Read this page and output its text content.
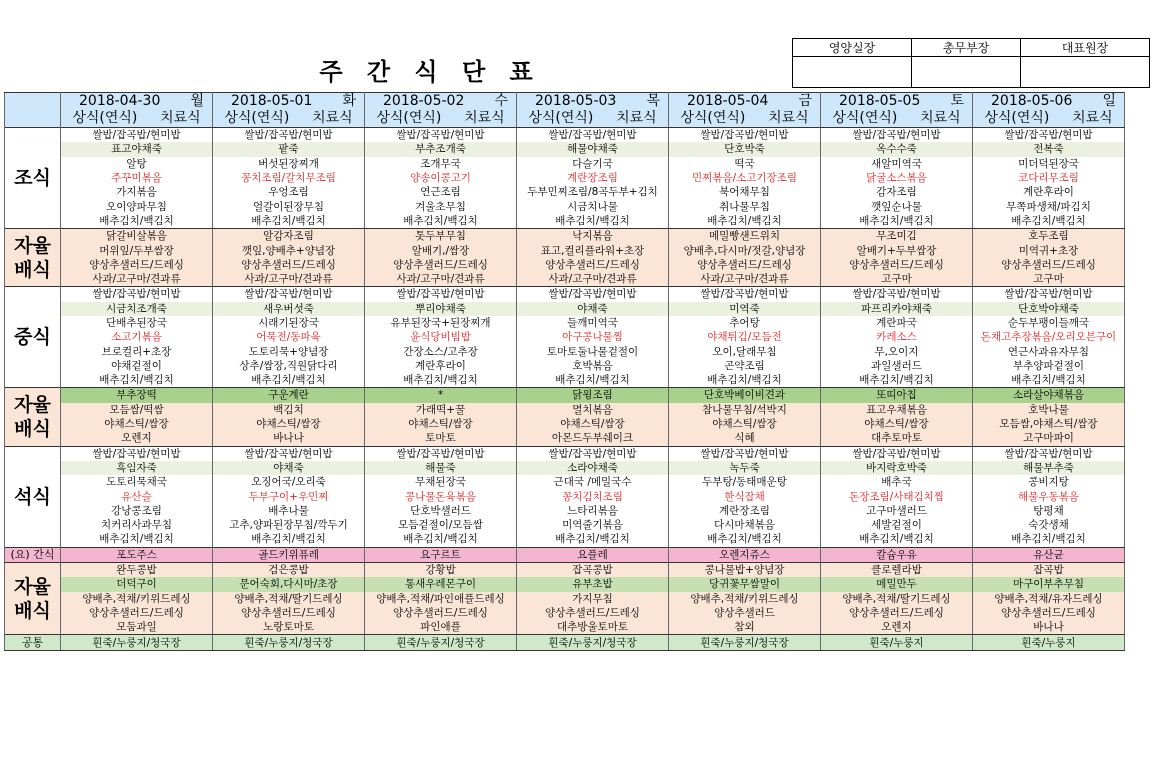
주 간 식 단 표
영양실장	총무부장	대표원장

	2018-04-30 월	2018-05-01 화	2018-05-02 수	2018-05-03 목	2018-05-04 금	2018-05-05 토	2018-05-06 일

	상식(연식) 치료식	상식(연식) 치료식	상식(연식) 치료식	상식(연식) 치료식	상식(연식) 치료식	상식(연식) 치료식	상식(연식) 치료식

조식	쌀밥/잡곡밥/현미밥	쌀밥/잡곡밥/현미밥	쌀밥/잡곡밥/현미밥	쌀밥/잡곡밥/현미밥	쌀밥/잡곡밥/현미밥	쌀밥/잡곡밥/현미밥	쌀밥/잡곡밥/현미밥
	표고야채죽	팥죽	부추조개죽	해물야채죽	단호박죽	옥수수죽	전복죽
	알탕	버섯된장찌개	조개무국	다슬기국	떡국	새알미역국	미더덕된장국
	주꾸미볶음	꽁치조림/갈치무조림	양송이콩고기	계란장조림	민찌볶음/소고기장조림	닭굴소스볶음	코다리무조림
	가지볶음	우엉조림	연근조림	두부민찌조림/8곡두부+김치	북어채무침	감자조림	계란후라이
	오이양파무침	얼갈이된장무침	겨울초무침	시금치나물	취나물무침	깻잎순나물	무쪽파생채/파김치
	배추김치/백김치	배추김치/백김치	배추김치/백김치	배추김치/백김치	배추김치/백김치	배추김치/백김치	배추김치/백김치
자율배식	닭갈비살볶음	알감자조림	톳두부무침	낙지볶음	메밀빵샌드위치	무조미김	호두조림
	머위잎/두부쌈장	깻잎,양배추+양념장	알배기,/쌈장	표고,컬리플라워+초장	양배추,다시마/젓갈,양념장	알배기+두부쌈장	미역귀+초장
	양상추샐러드/드레싱	양상추샐러드/드레싱	양상추샐러드/드레싱	양상추샐러드/드레싱	양상추샐러드/드레싱	양상추샐러드/드레싱	양상추샐러드/드레싱
	사과/고구마/견과류	사과/고구마/견과류	사과/고구마/견과류	사과/고구마/견과류	사과/고구마/견과류	고구마	고구마
중식	쌀밥/잡곡밥/현미밥	쌀밥/잡곡밥/현미밥	쌀밥/잡곡밥/현미밥	쌀밥/잡곡밥/현미밥	쌀밥/잡곡밥/현미밥	쌀밥/잡곡밥/현미밥	쌀밥/잡곡밥/현미밥
	시금치조개죽	새우버섯죽	뿌리야채죽	야채죽	미역죽	파프리카야채죽	단호박야채죽
	단배추된장국	시래기된장국	유부된장국+된장찌개	들깨미역국	추어탕	계란파국	순두부팽이들깨국
	소고기볶음	어묵전/동파육	윤식당비빔밥	아구콩나물찜	야채튀김/모듬전	카레소스	돈채고추장볶음/오리오븐구이
	브로컬리+초장	도토리묵+양념장	간장소스/고추장	토마토둘나물겉절이	오이,달래무침	무,오이지	연근사과유자무침
	야채겉절이	상추/쌈장,직원닭다리	계란후라이	호박볶음	곤약조림	과일샐러드	부추양파겉절이
	배추김치/백김치	배추김치/백김치	배추김치/백김치	배추김치/백김치	배추김치/백김치	배추김치/백김치	배추김치/백김치
자율배식	부추장떡	구운계란	*	닭윙조림	단호박베이비견과	또띠아칩	소라살야채볶음
	모듬쌈/떡쌈	백김치	가래떡+꿀	멸치볶음	참나물무침/석박지	표고우채볶음	호박나물
	야채스틱/쌈장	야채스틱/쌈장	야채스틱/쌈장	야채스틱/쌈장	야채스틱/쌈장	야채스틱/쌈장	모듬쌈,야채스틱/쌈장
	오렌지	바나나	토마토	아몬드두부쉐이크	식혜	대추토마토	고구마파이
석식	쌀밥/잡곡밥/현미밥	쌀밥/잡곡밥/현미밥	쌀밥/잡곡밥/현미밥	쌀밥/잡곡밥/현미밥	쌀밥/잡곡밥/현미밥	쌀밥/잡곡밥/현미밥	쌀밥/잡곡밥/현미밥
	흑임자죽	야채죽	해물죽	소라야채죽	녹두죽	바지락호박죽	해물부추죽
	도토리묵채국	오징어국/오리죽	무채된장국	근대국 /메밀국수	두부탕/동태매운탕	배추국	콩비지탕
	유산슬	두부구이+우민찌	콩나물돈육볶음	꽁치김치조림	한식잡채	돈장조림/사태김치찜	해물우동볶음
	강낭콩조림	배추나물	단호박샐러드	느타리볶음	계란장조림	고구마샐러드	탕평채
	치커리사과무침	고추,양파된장무침/깍두기	모듬겉절이/모듬쌈	미역줄기볶음	다시마채볶음	세발겉절이	숙갓생채
	배추김치/백김치	배추김치/백김치	배추김치/백김치	배추김치/백김치	배추김치/백김치	배추김치/백김치	배추김치/백김치
(요) 간식	포도주스	골드키위퓨레	요구르트	요플레	오렌지쥬스	칼슘우유	유산균
자율배식	완두콩밥	검은콩밥	강황밥	잡곡콩밥	콩나물밥+양념장	클로렐라밥	잡곡밥
	더덕구이	문어숙회,다시마/초장	통새우레몬구이	유부초밥	당귀꽃무쌈말이	메밀만두	마구이부추무침
	양배추,적채/키위드레싱	양배추,적채/딸기드레싱	양배추,적채/파인애플드레싱	가지무침	양배추,적채/키위드레싱	양배추,적채/딸기드레싱	양배추,적채/유자드레싱
	양상추샐러드/드레싱	양상추샐러드/드레싱	양상추샐러드/드레싱	양상추샐러드/드레싱	양상추샐러드	양상추샐러드/드레싱	양상추샐러드/드레싱
	모둠과일	노랑토마토	파인애플	대추방울토마토	참외	오렌지	바나나
공통	흰죽/누룽지/청국장	흰죽/누룽지/청국장	흰죽/누룽지/청국장	흰죽/누룽지/청국장	흰죽/누룽지/청국장	흰죽/누룽지	흰죽/누룽지
